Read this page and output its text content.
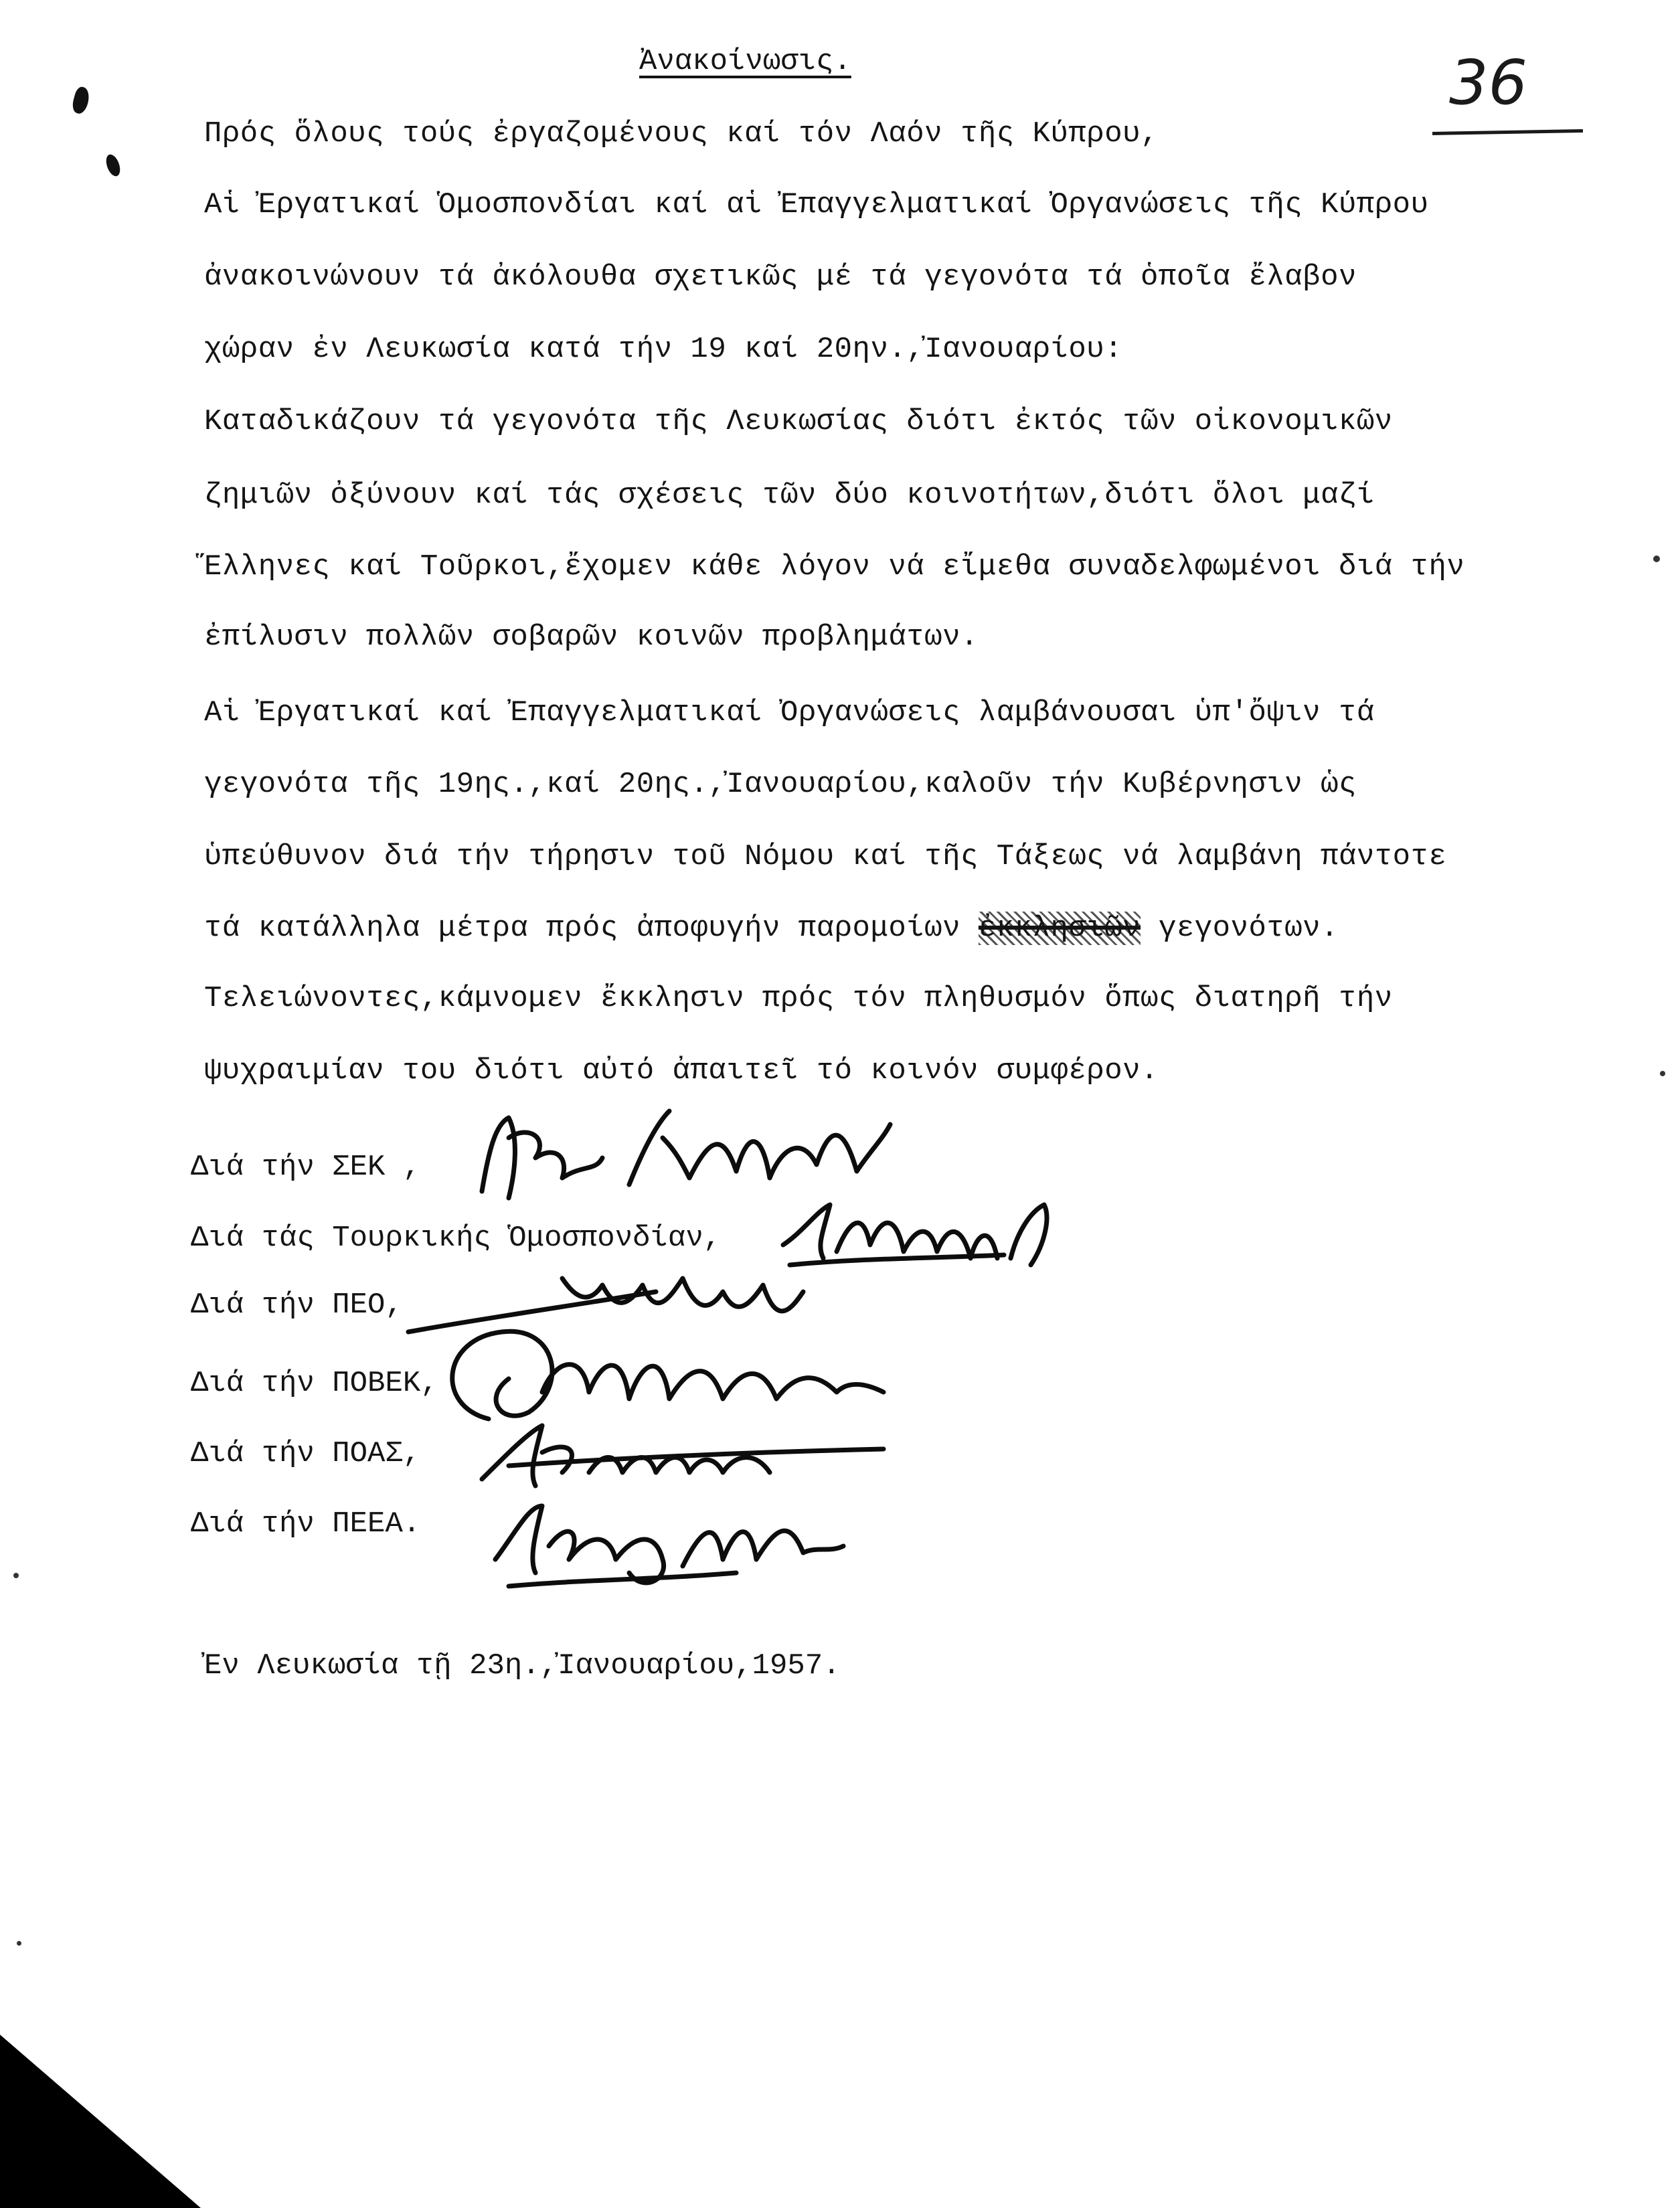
Ἀνακοίνωσις.	36
Πρός ὅλους τούς ἐργαζομένους καί τόν Λαόν τῆς Κύπρου,
Αἱ Ἐργατικαί Ὁμοσπονδίαι καί αἱ Ἐπαγγελματικαί Ὀργανώσεις τῆς Κύπρου
ἀνακοινώνουν τά ἀκόλουθα σχετικῶς μέ τά γεγονότα τά ὁποῖα ἔλαβον
χώραν ἐν Λευκωσία κατά τήν 19 καί 20ην.,Ἰανουαρίου:
Καταδικάζουν τά γεγονότα τῆς Λευκωσίας διότι ἐκτός τῶν οἰκονομικῶν
ζημιῶν ὀξύνουν καί τάς σχέσεις τῶν δύο κοινοτήτων,διότι ὅλοι μαζί
Ἕλληνες καί Τοῦρκοι,ἔχομεν κάθε λόγον νά εἴμεθα συναδελφωμένοι διά τήν
ἐπίλυσιν πολλῶν σοβαρῶν κοινῶν προβλημάτων.
Αἱ Ἐργατικαί καί Ἐπαγγελματικαί Ὀργανώσεις λαμβάνουσαι ὑπ'ὄψιν τά
γεγονότα τῆς 19ης.,καί 20ης.,Ἰανουαρίου,καλοῦν τήν Κυβέρνησιν ὡς
ὑπεύθυνον διά τήν τήρησιν τοῦ Νόμου καί τῆς Τάξεως νά λαμβάνη πάντοτε
τά κατάλληλα μέτρα πρός ἀποφυγήν παρομοίων ἐκκλησιῶν γεγονότων.
Τελειώνοντες,κάμνομεν ἔκκλησιν πρός τόν πληθυσμόν ὅπως διατηρῆ τήν
ψυχραιμίαν του διότι αὐτό ἀπαιτεῖ τό κοινόν συμφέρον.
Διά τήν ΣΕΚ ,
Διά τάς Τουρκικής Ὁμοσπονδίαν,
Διά τήν ΠΕΟ,
Διά τήν ΠΟΒΕΚ,
Διά τήν ΠΟΑΣ,
Διά τήν ΠΕΕΑ.
Ἐν Λευκωσία τῇ 23η.,Ἰανουαρίου,1957.
